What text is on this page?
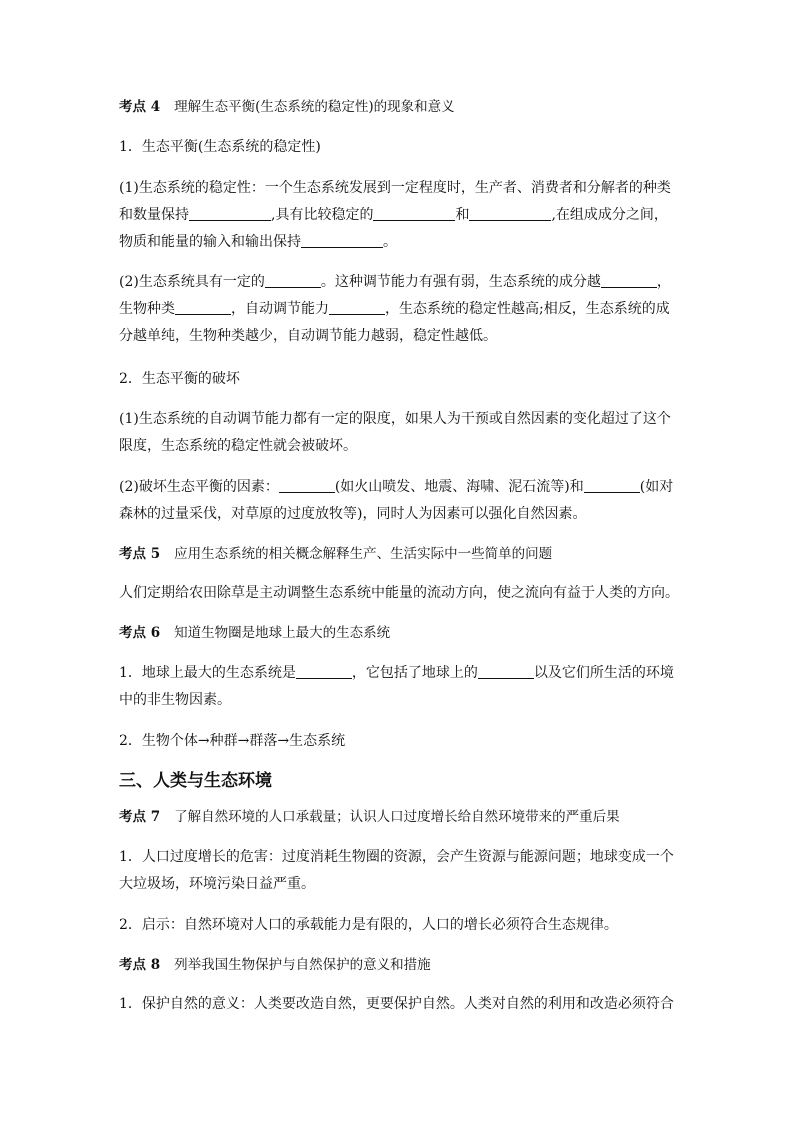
考点 4 理解生态平衡(生态系统的稳定性)的现象和意义
1．生态平衡(生态系统的稳定性)
(1)生态系统的稳定性：一个生态系统发展到一定程度时，生产者、消费者和分解者的种类
和数量保持	,具有比较稳定的	和	,在组成成分之间，
物质和能量的输入和输出保持	。
(2)生态系统具有一定的	。这种调节能力有强有弱，生态系统的成分越	，
生物种类	，自动调节能力	，生态系统的稳定性越高;相反，生态系统的成
分越单纯，生物种类越少，自动调节能力越弱，稳定性越低。
2．生态平衡的破坏
(1)生态系统的自动调节能力都有一定的限度，如果人为干预或自然因素的变化超过了这个
限度，生态系统的稳定性就会被破坏。
(2)破坏生态平衡的因素：	(如火山喷发、地震、海啸、泥石流等)和	(如对
森林的过量采伐，对草原的过度放牧等)，同时人为因素可以强化自然因素。
考点 5 应用生态系统的相关概念解释生产、生活实际中一些简单的问题
人们定期给农田除草是主动调整生态系统中能量的流动方向，使之流向有益于人类的方向。
考点 6 知道生物圈是地球上最大的生态系统
1．地球上最大的生态系统是	，它包括了地球上的	以及它们所生活的环境
中的非生物因素。
2．生物个体→种群→群落→生态系统
三、人类与生态环境
考点 7 了解自然环境的人口承载量；认识人口过度增长给自然环境带来的严重后果
1．人口过度增长的危害：过度消耗生物圈的资源，会产生资源与能源问题；地球变成一个
大垃圾场，环境污染日益严重。
2．启示：自然环境对人口的承载能力是有限的，人口的增长必须符合生态规律。
考点 8 列举我国生物保护与自然保护的意义和措施
1．保护自然的意义：人类要改造自然，更要保护自然。人类对自然的利用和改造必须符合
